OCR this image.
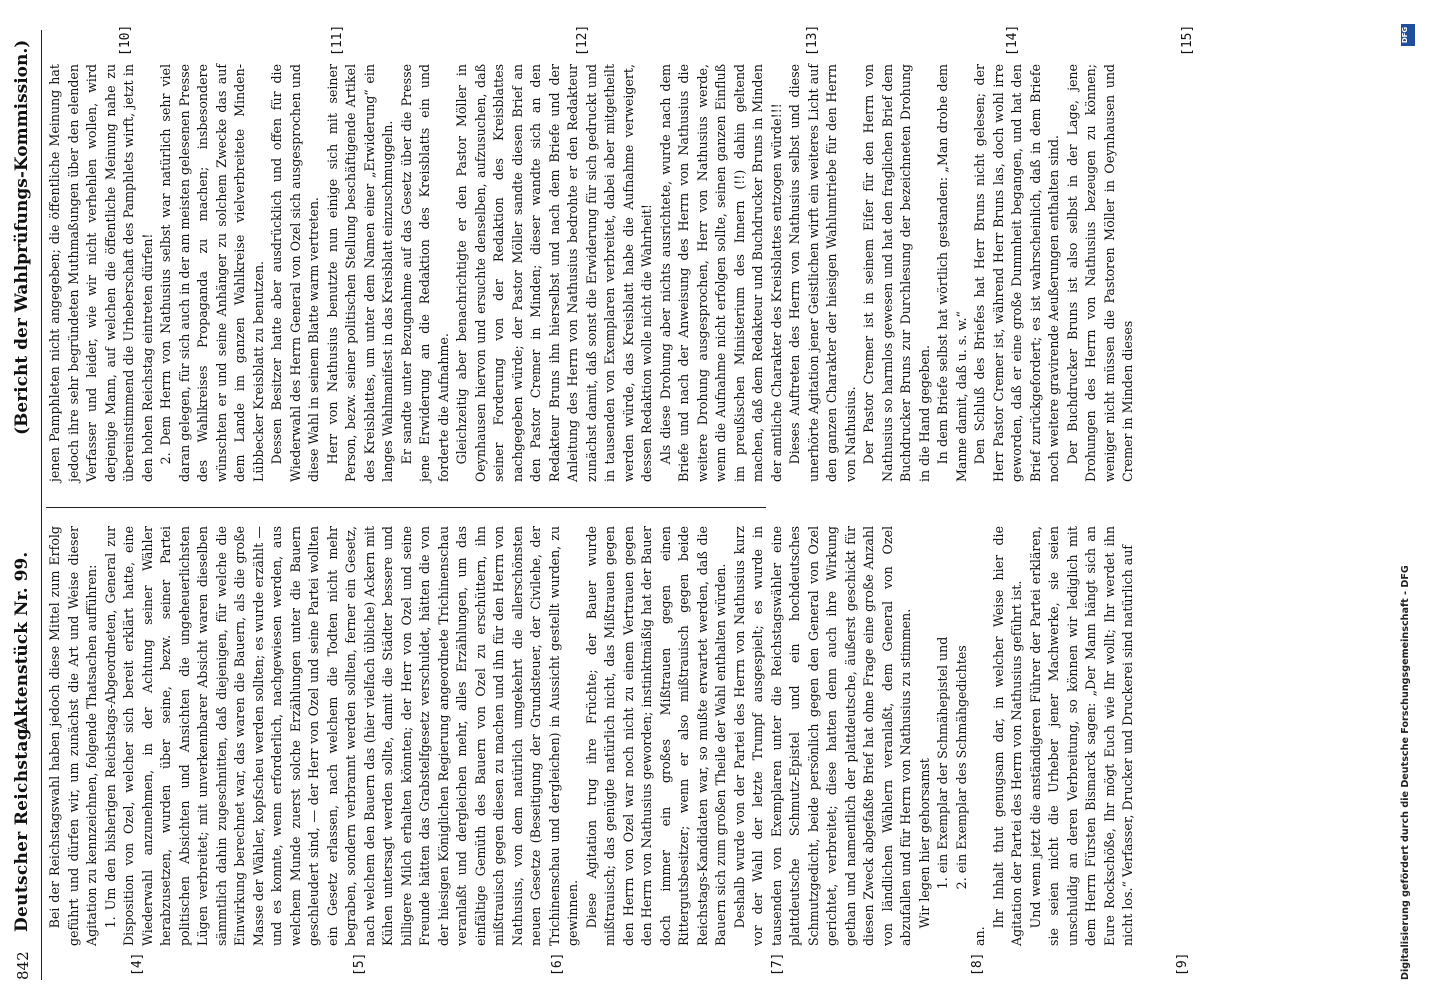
842
Deutscher Reichstag.
Aktenstück Nr. 99.
(Bericht der Wahlprüfungs-Kommission.)
[4]	[5]	[6]	[7]	[8]	[9]
[10]	[11]	[12]	[13]	[14]	[15]

Bei der Reichstagswahl haben jedoch diese Mittel zum Erfolg geführt und dürfen wir, um zunächst die Art und Weise dieser Agitation zu kennzeichnen, folgende Thatsachen aufführen: 1. Um den bisherigen Reichstags-Abgeordneten, General zur Disposition von Ozel, welcher sich bereit erklärt hatte, eine Wiederwahl anzunehmen, in der Achtung seiner Wähler herabzusetzen, wurden über seine, bezw. seiner Partei politischen Absichten und Ansichten die ungeheuerlichsten Lügen verbreitet; mit unverkennbarer Absicht waren dieselben sämmtlich dahin zugeschnitten, daß diejenigen, für welche die Einwirkung berechnet war, das waren die Bauern, als die große Masse der Wähler, kopfscheu werden sollten; es wurde erzählt — und es konnte, wenn erforderlich, nachgewiesen werden, aus welchem Munde zuerst solche Erzählungen unter die Bauern geschleudert sind, — der Herr von Ozel und seine Partei wollten ein Gesetz erlassen, nach welchem die Todten nicht mehr begraben, sondern verbrannt werden sollten, ferner ein Gesetz, nach welchem den Bauern das (hier vielfach übliche) Ackern mit Kühen untersagt werden sollte, damit die Städter bessere und billigere Milch erhalten könnten; der Herr von Ozel und seine Freunde hätten das Grabstelfgesetz verschuldet, hätten die von der hiesigen Königlichen Regierung angeordnete Trichinenschau veranlaßt und dergleichen mehr, alles Erzählungen, um das einfältige Gemüth des Bauern von Ozel zu erschüttern, ihn mißtrauisch gegen diesen zu machen und ihn für den Herrn von Nathusius, von dem natürlich umgekehrt die allerschönsten neuen Gesetze (Beseitigung der Grundsteuer, der Civilehe, der Trichinenschau und dergleichen) in Aussicht gestellt wurden, zu gewinnen. Diese Agitation trug ihre Früchte; der Bauer wurde mißtrauisch; das genügte natürlich nicht, das Mißtrauen gegen den Herrn von Ozel war noch nicht zu einem Vertrauen gegen den Herrn von Nathusius geworden; instinktmäßig hat der Bauer doch immer ein großes Mißtrauen gegen einen Rittergutsbesitzer; wenn er also mißtrauisch gegen beide Reichstags-Kandidaten war, so mußte erwartet werden, daß die Bauern sich zum großen Theile der Wahl enthalten würden. Deshalb wurde von der Partei des Herrn von Nathusius kurz vor der Wahl der letzte Trumpf ausgespielt; es wurde in tausenden von Exemplaren unter die Reichstagswähler eine plattdeutsche Schmutz-Epistel und ein hochdeutsches Schmutzgedicht, beide persönlich gegen den General von Ozel gerichtet, verbreitet; diese hatten denn auch ihre Wirkung gethan und namentlich der plattdeutsche, äußerst geschickt für diesen Zweck abgefaßte Brief hat ohne Frage eine große Anzahl von ländlichen Wählern veranlaßt, dem General von Ozel abzufallen und für Herrn von Nathusius zu stimmen. Wir legen hier gehorsamst 1. ein Exemplar der Schmähepistel und 2. ein Exemplar des Schmähgedichtes

an.

Ihr Inhalt thut genugsam dar, in welcher Weise hier die Agitation der Partei des Herrn von Nathusius geführt ist. Und wenn jetzt die anständigeren Führer der Partei erklären, sie seien nicht die Urheber jener Machwerke, sie seien unschuldig an deren Verbreitung, so können wir lediglich mit dem Herrn Fürsten Bismarck sagen: „Der Mann hängt sich an Eure Rockschöße, Ihr mögt Euch wie Ihr wollt; Ihr werdet ihn nicht los.“ Verfasser, Drucker und Druckerei sind natürlich auf

jenen Pamphleten nicht angegeben; die öffentliche Meinung hat jedoch ihre sehr begründeten Muthmaßungen über den elenden Verfasser und leider, wie wir nicht verhehlen wollen, wird derjenige Mann, auf welchen die öffentliche Meinung nahe zu übereinstimmend die Urheberschaft des Pamphlets wirft, jetzt in den hohen Reichstag eintreten dürfen! 2. Dem Herrn von Nathusius selbst war natürlich sehr viel daran gelegen, für sich auch in der am meisten gelesenen Presse des Wahlkreises Propaganda zu machen; insbesondere wünschten er und seine Anhänger zu solchem Zwecke das auf dem Lande im ganzen Wahlkreise vielverbreitete Minden-Lübbecker Kreisblatt zu benutzen. Dessen Besitzer hatte aber ausdrücklich und offen für die Wiederwahl des Herrn General von Ozel sich ausgesprochen und diese Wahl in seinem Blatte warm vertreten. Herr von Nathusius benutzte nun einige sich mit seiner Person, bezw. seiner politischen Stellung beschäftigende Artikel des Kreisblattes, um unter dem Namen einer „Erwiderung“ ein langes Wahlmanifest in das Kreisblatt einzuschmuggeln. Er sandte unter Bezugnahme auf das Gesetz über die Presse jene Erwiderung an die Redaktion des Kreisblatts ein und forderte die Aufnahme. Gleichzeitig aber benachrichtigte er den Pastor Möller in Oeynhausen hiervon und ersuchte denselben, aufzusuchen, daß seiner Forderung von der Redaktion des Kreisblattes nachgegeben würde; der Pastor Möller sandte diesen Brief an den Pastor Cremer in Minden; dieser wandte sich an den Redakteur Bruns ihn hierselbst und nach dem Briefe und der Anleitung des Herrn von Nathusius bedrohte er den Redakteur zunächst damit, daß sonst die Erwiderung für sich gedruckt und in tausenden von Exemplaren verbreitet, dabei aber mitgetheilt werden würde, das Kreisblatt habe die Aufnahme verweigert, dessen Redaktion wolle nicht die Wahrheit! Als diese Drohung aber nichts ausrichtete, wurde nach dem Briefe und nach der Anweisung des Herrn von Nathusius die weitere Drohung ausgesprochen, Herr von Nathusius werde, wenn die Aufnahme nicht erfolgen sollte, seinen ganzen Einfluß im preußischen Ministerium des Innern (!!) dahin geltend machen, daß dem Redakteur und Buchdrucker Bruns in Minden der amtliche Charakter des Kreisblattes entzogen würde!!! Dieses Auftreten des Herrn von Nathusius selbst und diese unerhörte Agitation jener Geistlichen wirft ein weiteres Licht auf den ganzen Charakter der hiesigen Wahlumtriebe für den Herrn von Nathusius. Der Pastor Cremer ist in seinem Eifer für den Herrn von Nathusius so harmlos gewesen und hat den fraglichen Brief dem Buchdrucker Bruns zur Durchlesung der bezeichneten Drohung in die Hand gegeben. In dem Briefe selbst hat wörtlich gestanden: „Man drohe dem Manne damit, daß u. s. w.“ Den Schluß des Briefes hat Herr Bruns nicht gelesen; der Herr Pastor Cremer ist, während Herr Bruns las, doch wohl irre geworden, daß er eine große Dummheit begangen, und hat den Brief zurückgefordert; es ist wahrscheinlich, daß in dem Briefe noch weitere gravirende Aeußerungen enthalten sind. Der Buchdrucker Bruns ist also selbst in der Lage, jene Drohungen des Herrn von Nathusius bezeugen zu können; weniger nicht müssen die Pastoren Möller in Oeynhausen und Cremer in Minden dieses

DFG
Digitalisierung gefördert durch die Deutsche Forschungsgemeinschaft - DFG
